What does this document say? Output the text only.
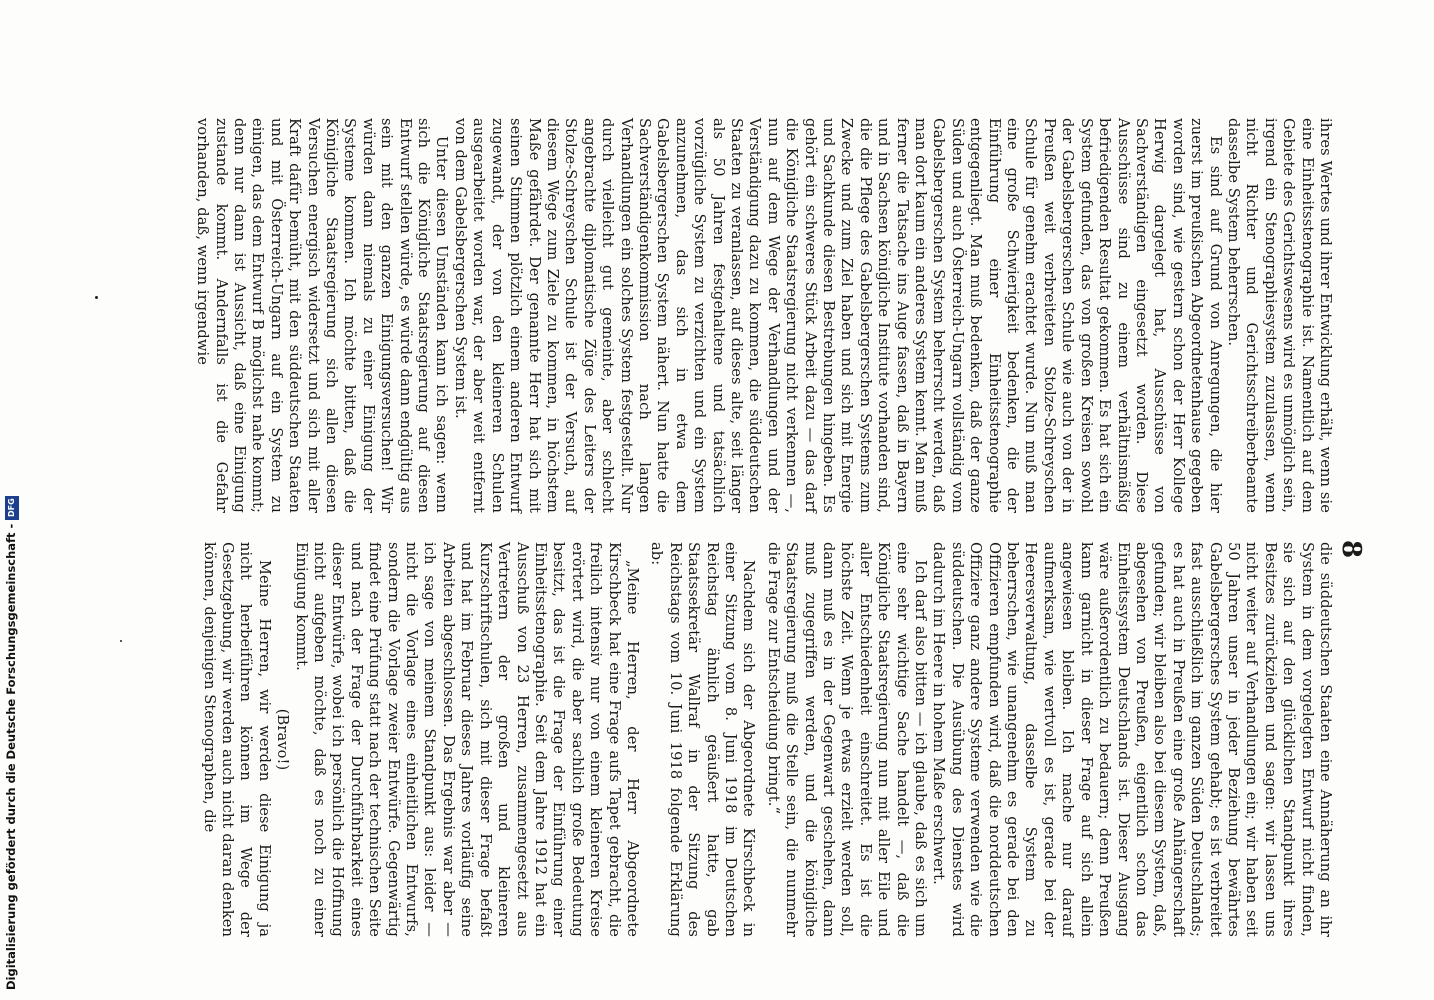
8

ihres Wertes und ihrer Entwicklung erhält, wenn sie eine Einheitsstenographie ist. Namentlich auf dem Gebiete des Gerichtswesens wird es unmöglich sein, irgend ein Stenographiesystem zuzulassen, wenn nicht Richter und Gerichtsschreiberbeamte dasselbe System beherrschen.

Es sind auf Grund von Anregungen, die hier zuerst im preußischen Abgeordnetenhause gegeben worden sind, wie gestern schon der Herr Kollege Herwig dargelegt hat, Ausschüsse von Sachverständigen eingesetzt worden. Diese Ausschüsse sind zu einem verhältnismäßig befriedigenden Resultat gekommen. Es hat sich ein System gefunden, das von großen Kreisen sowohl der Gabelsbergerschen Schule wie auch von der in Preußen weit verbreiteten Stolze-Schreyschen Schule für genehm erachtet wurde. Nun muß man eine große Schwierigkeit bedenken, die der Einführung einer Einheitsstenographie entgegenliegt. Man muß bedenken, daß der ganze Süden und auch Österreich-Ungarn vollständig vom Gabelsbergerschen System beherrscht werden, daß man dort kaum ein anderes System kennt. Man muß ferner die Tatsache ins Auge fassen, daß in Bayern und in Sachsen königliche Institute vorhanden sind, die die Pflege des Gabelsbergerschen Systems zum Zwecke und zum Ziel haben und sich mit Energie und Sachkunde diesen Bestrebungen hingeben. Es gehört ein schweres Stück Arbeit dazu — das darf die Königliche Staatsregierung nicht verkennen —, nun auf dem Wege der Verhandlungen und der Verständigung dazu zu kommen, die süddeutschen Staaten zu veranlassen, auf dieses alte, seit länger als 50 Jahren festgehaltene und tatsächlich vorzügliche System zu verzichten und ein System anzunehmen, das sich in etwa dem Gabelsbergerschen System nähert. Nun hatte die Sachverständigenkommission nach langen Verhandlungen ein solches System festgestellt. Nur durch vielleicht gut gemeinte, aber schlecht angebrachte diplomatische Züge des Leiters der Stolze-Schreyschen Schule ist der Versuch, auf diesem Wege zum Ziele zu kommen, in höchstem Maße gefährdet. Der genannte Herr hat sich mit seinen Stimmen plötzlich einem anderen Entwurf zugewandt, der von den kleineren Schulen ausgearbeitet worden war, der aber weit entfernt von dem Gabelsbergerschen System ist.

Unter diesen Umständen kann ich sagen: wenn sich die Königliche Staatsregierung auf diesen Entwurf stellen würde, es würde dann endgültig aus sein mit den ganzen Einigungsversuchen! Wir würden dann niemals zu einer Einigung der Systeme kommen. Ich möchte bitten, daß die Königliche Staatsregierung sich allen diesen Versuchen energisch widersetzt und sich mit aller Kraft dafür bemüht, mit den süddeutschen Staaten und mit Österreich-Ungarn auf ein System zu einigen, das dem Entwurf B möglichst nahe kommt; denn nur dann ist Aussicht, daß eine Einigung zustande kommt. Andernfalls ist die Gefahr vorhanden, daß, wenn irgendwie

die süddeutschen Staaten eine Annäherung an ihr System in dem vorgelegten Entwurf nicht finden, sie sich auf den glücklichen Standpunkt ihres Besitzes zurückziehen und sagen: wir lassen uns nicht weiter auf Verhandlungen ein; wir haben seit 50 Jahren unser in jeder Beziehung bewährtes Gabelsbergersches System gehabt; es ist verbreitet fast ausschließlich im ganzen Süden Deutschlands; es hat auch in Preußen eine große Anhängerschaft gefunden; wir bleiben also bei diesem System, daß, abgesehen von Preußen, eigentlich schon das Einheitssystem Deutschlands ist. Dieser Ausgang wäre außerordentlich zu bedauern; denn Preußen kann garnicht in dieser Frage auf sich allein angewiesen bleiben. Ich mache nur darauf aufmerksam, wie wertvoll es ist, gerade bei der Heeresverwaltung, dasselbe System zu beherrschen, wie unangenehm es gerade bei den Offizieren empfunden wird, daß die norddeutschen Offiziere ganz andere Systeme verwenden wie die süddeutschen. Die Ausübung des Dienstes wird dadurch im Heere in hohem Maße erschwert.

Ich darf also bitten — ich glaube, daß es sich um eine sehr wichtige Sache handelt —, daß die Königliche Staatsregierung nun mit aller Eile und aller Entschiedenheit einschreitet. Es ist die höchste Zeit. Wenn je etwas erzielt werden soll, dann muß es in der Gegenwart geschehen, dann muß zugegriffen werden, und die königliche Staatsregierung muß die Stelle sein, die nunmehr die Frage zur Entscheidung bringt.“

Nachdem sich der Abgeordnete Kirschbeck in einer Sitzung vom 8. Juni 1918 im Deutschen Reichstag ähnlich geäußert hatte, gab Staatssekretär Wallraf in der Sitzung des Reichstags vom 10. Juni 1918 folgende Erklärung ab:

„Meine Herren, der Herr Abgeordnete Kirschbeck hat eine Frage aufs Tapet gebracht, die freilich intensiv nur von einem kleineren Kreise erörtert wird, die aber sachlich große Bedeutung besitzt, das ist die Frage der Einführung einer Einheitsstenographie. Seit dem Jahre 1912 hat ein Ausschuß von 23 Herren, zusammengesetzt aus Vertretern der großen und kleineren Kurzschriftschulen, sich mit dieser Frage befaßt und hat im Februar dieses Jahres vorläufig seine Arbeiten abgeschlossen. Das Ergebnis war aber — ich sage von meinem Standpunkt aus: leider — nicht die Vorlage eines einheitlichen Entwurfs, sondern die Vorlage zweier Entwürfe. Gegenwärtig findet eine Prüfung statt nach der technischen Seite und nach der Frage der Durchführbarkeit eines dieser Entwürfe, wobei ich persönlich die Hoffnung nicht aufgeben möchte, daß es noch zu einer Einigung kommt.

(Bravo!)

Meine Herren, wir werden diese Einigung ja nicht herbeiführen können im Wege der Gesetzgebung, wir werden auch nicht daran denken können, denjenigen Stenographen, die

Digitalisierung gefördert durch die Deutsche Forschungsgemeinschaft -DFG
